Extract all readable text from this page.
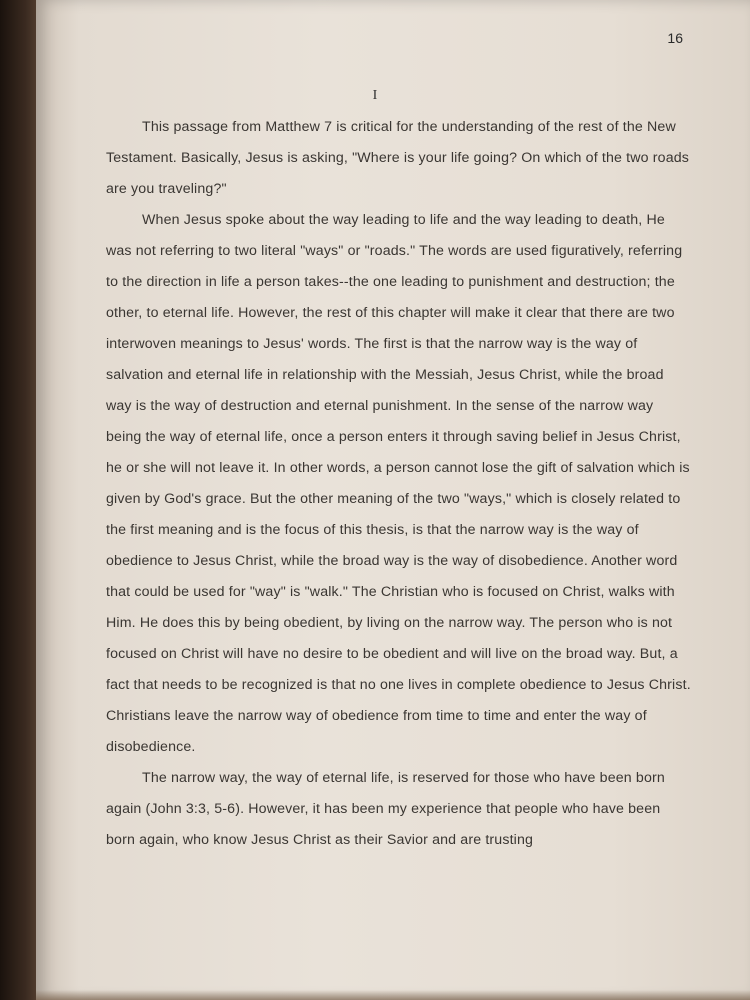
16
I

This passage from Matthew 7 is critical for the understanding of the rest of the New Testament. Basically, Jesus is asking, "Where is your life going? On which of the two roads are you traveling?"

When Jesus spoke about the way leading to life and the way leading to death, He was not referring to two literal "ways" or "roads." The words are used figuratively, referring to the direction in life a person takes--the one leading to punishment and destruction; the other, to eternal life. However, the rest of this chapter will make it clear that there are two interwoven meanings to Jesus' words. The first is that the narrow way is the way of salvation and eternal life in relationship with the Messiah, Jesus Christ, while the broad way is the way of destruction and eternal punishment. In the sense of the narrow way being the way of eternal life, once a person enters it through saving belief in Jesus Christ, he or she will not leave it. In other words, a person cannot lose the gift of salvation which is given by God's grace. But the other meaning of the two "ways," which is closely related to the first meaning and is the focus of this thesis, is that the narrow way is the way of obedience to Jesus Christ, while the broad way is the way of disobedience. Another word that could be used for "way" is "walk." The Christian who is focused on Christ, walks with Him. He does this by being obedient, by living on the narrow way. The person who is not focused on Christ will have no desire to be obedient and will live on the broad way. But, a fact that needs to be recognized is that no one lives in complete obedience to Jesus Christ. Christians leave the narrow way of obedience from time to time and enter the way of disobedience.

The narrow way, the way of eternal life, is reserved for those who have been born again (John 3:3, 5-6). However, it has been my experience that people who have been born again, who know Jesus Christ as their Savior and are trusting
